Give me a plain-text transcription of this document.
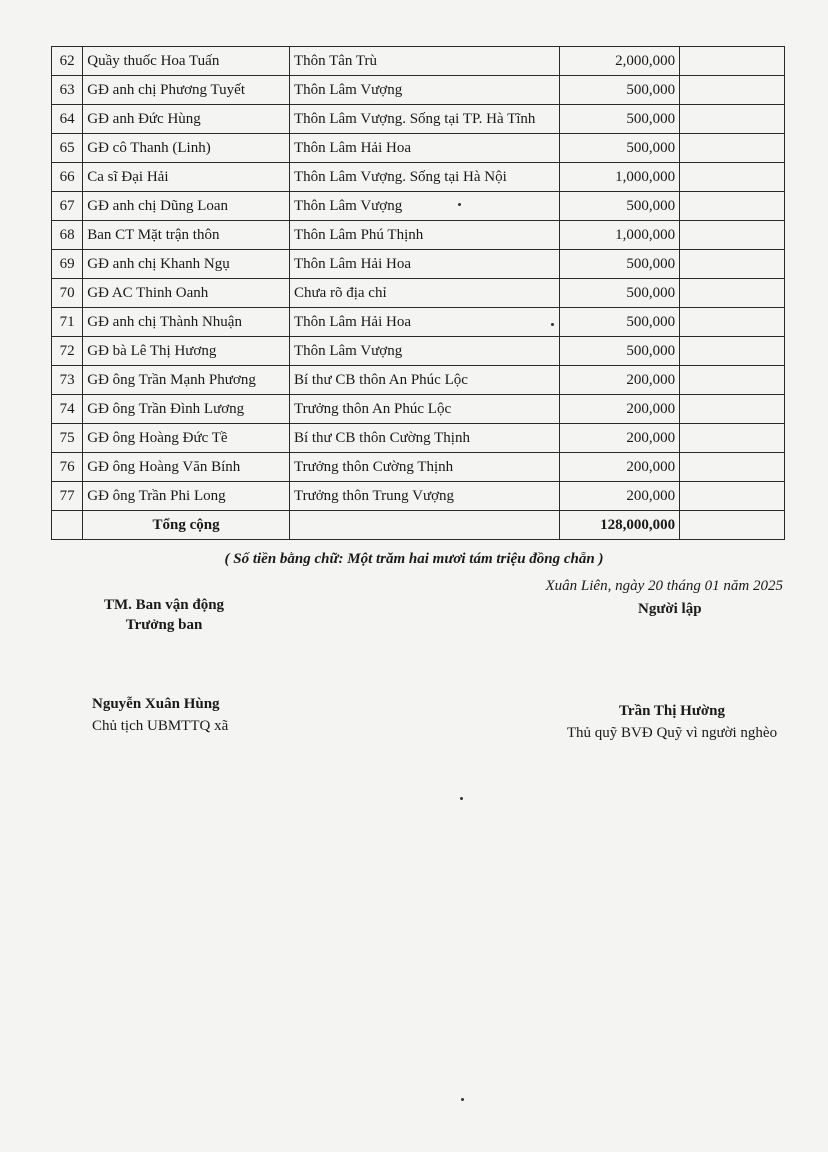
62	Quầy thuốc Hoa Tuấn	Thôn Tân Trù	2,000,000	
63	GĐ anh chị Phương Tuyết	Thôn Lâm Vượng	500,000	
64	GĐ anh Đức Hùng	Thôn Lâm Vượng. Sống tại TP. Hà Tĩnh	500,000	
65	GĐ cô Thanh (Linh)	Thôn Lâm Hải Hoa	500,000	
66	Ca sĩ Đại Hải	Thôn Lâm Vượng. Sống tại Hà Nội	1,000,000	
67	GĐ anh chị Dũng Loan	Thôn Lâm Vượng	500,000	
68	Ban CT Mặt trận thôn	Thôn Lâm Phú Thịnh	1,000,000	
69	GĐ anh chị Khanh Ngụ	Thôn Lâm Hải Hoa	500,000	
70	GĐ AC Thinh Oanh	Chưa rõ địa chỉ	500,000	
71	GĐ anh chị Thành Nhuận	Thôn Lâm Hải Hoa	500,000	
72	GĐ bà Lê Thị Hương	Thôn Lâm Vượng	500,000	
73	GĐ ông Trần Mạnh Phương	Bí thư CB thôn An Phúc Lộc	200,000	
74	GĐ ông Trần Đình Lương	Trưởng thôn An Phúc Lộc	200,000	
75	GĐ ông Hoàng Đức Tề	Bí thư CB thôn Cường Thịnh	200,000	
76	GĐ ông Hoàng Văn Bính	Trưởng thôn Cường Thịnh	200,000	
77	GĐ ông Trần Phi Long	Trưởng thôn Trung Vượng	200,000	
	Tổng cộng		128,000,000	
( Số tiền bằng chữ: Một trăm hai mươi tám triệu đồng chẵn )
Xuân Liên, ngày 20 tháng 01 năm 2025
TM. Ban vận động
Trưởng ban
Người lập
Nguyễn Xuân Hùng
Chủ tịch UBMTTQ xã
Trần Thị Hường
Thủ quỹ BVĐ Quỹ vì người nghèo
